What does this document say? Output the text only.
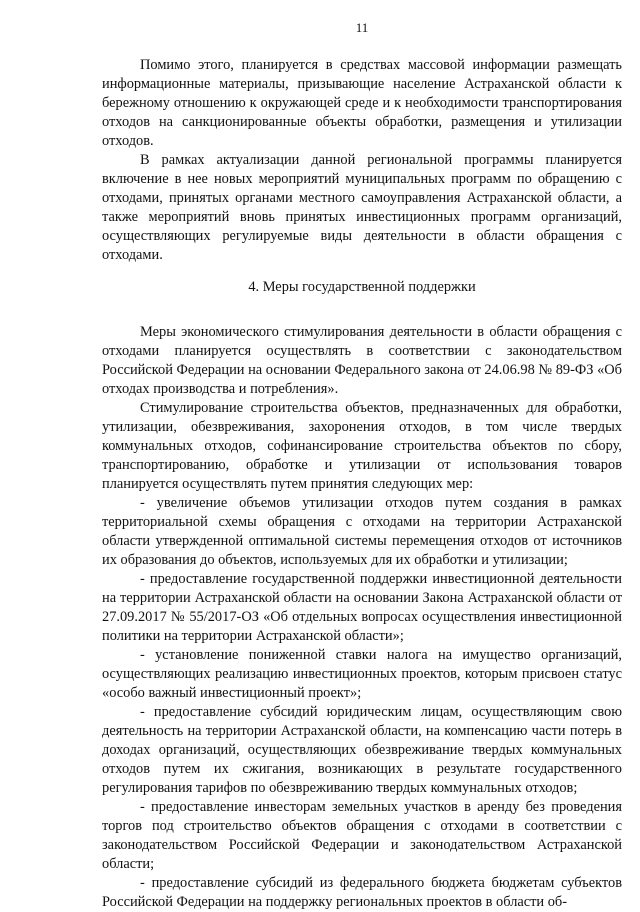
11

Помимо этого, планируется в средствах массовой информации размещать информационные материалы, призывающие население Астраханской области к бережному отношению к окружающей среде и к необходимости транспортирования отходов на санкционированные объекты обработки, размещения и утилизации отходов.

В рамках актуализации данной региональной программы планируется включение в нее новых мероприятий муниципальных программ по обращению с отходами, принятых органами местного самоуправления Астраханской области, а также мероприятий вновь принятых инвестиционных программ организаций, осуществляющих регулируемые виды деятельности в области обращения с отходами.

4. Меры государственной поддержки

Меры экономического стимулирования деятельности в области обращения с отходами планируется осуществлять в соответствии с законодательством Российской Федерации на основании Федерального закона от 24.06.98 № 89-ФЗ «Об отходах производства и потребления».

Стимулирование строительства объектов, предназначенных для обработки, утилизации, обезвреживания, захоронения отходов, в том числе твердых коммунальных отходов, софинансирование строительства объектов по сбору, транспортированию, обработке и утилизации от использования товаров планируется осуществлять путем принятия следующих мер:

- увеличение объемов утилизации отходов путем создания в рамках территориальной схемы обращения с отходами на территории Астраханской области утвержденной оптимальной системы перемещения отходов от источников их образования до объектов, используемых для их обработки и утилизации;

- предоставление государственной поддержки инвестиционной деятельности на территории Астраханской области на основании Закона Астраханской области от 27.09.2017 № 55/2017-ОЗ «Об отдельных вопросах осуществления инвестиционной политики на территории Астраханской области»;

- установление пониженной ставки налога на имущество организаций, осуществляющих реализацию инвестиционных проектов, которым присвоен статус «особо важный инвестиционный проект»;

- предоставление субсидий юридическим лицам, осуществляющим свою деятельность на территории Астраханской области, на компенсацию части потерь в доходах организаций, осуществляющих обезвреживание твердых коммунальных отходов путем их сжигания, возникающих в результате государственного регулирования тарифов по обезвреживанию твердых коммунальных отходов;

- предоставление инвесторам земельных участков в аренду без проведения торгов под строительство объектов обращения с отходами в соответствии с законодательством Российской Федерации и законодательством Астраханской области;

- предоставление субсидий из федерального бюджета бюджетам субъектов Российской Федерации на поддержку региональных проектов в области об-
